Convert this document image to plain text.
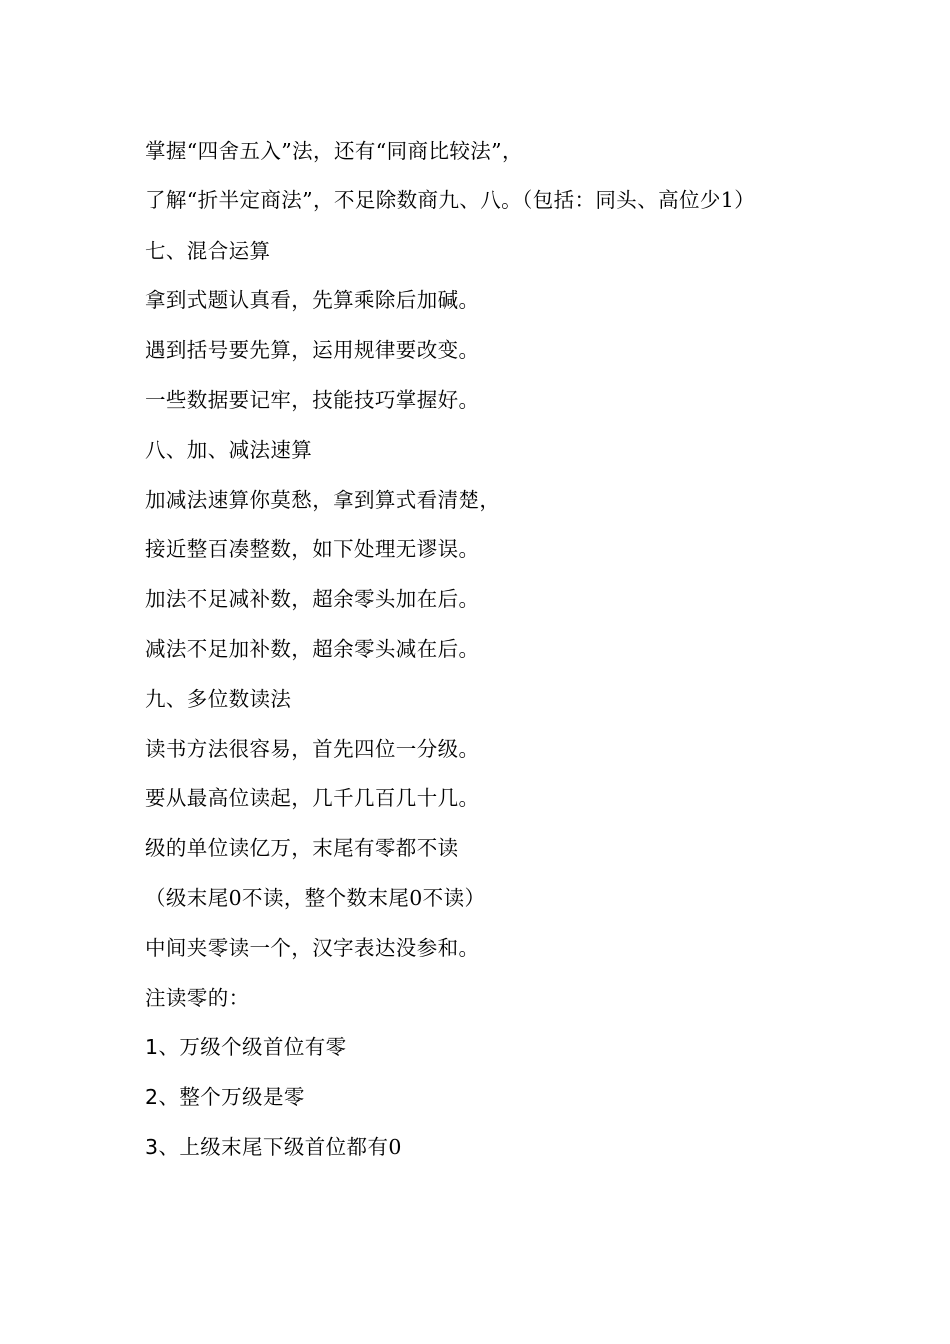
掌握“四舍五入”法，还有“同商比较法”，
了解“折半定商法”，不足除数商九、八。（包括：同头、高位少1）
七、混合运算
拿到式题认真看，先算乘除后加碱。
遇到括号要先算，运用规律要改变。
一些数据要记牢，技能技巧掌握好。
八、加、减法速算
加减法速算你莫愁，拿到算式看清楚，
接近整百凑整数，如下处理无谬误。
加法不足减补数，超余零头加在后。
减法不足加补数，超余零头减在后。
九、多位数读法
读书方法很容易，首先四位一分级。
要从最高位读起，几千几百几十几。
级的单位读亿万，末尾有零都不读
（级末尾0不读，整个数末尾0不读）
中间夹零读一个，汉字表达没参和。
注读零的：
1、万级个级首位有零
2、整个万级是零
3、上级末尾下级首位都有0
